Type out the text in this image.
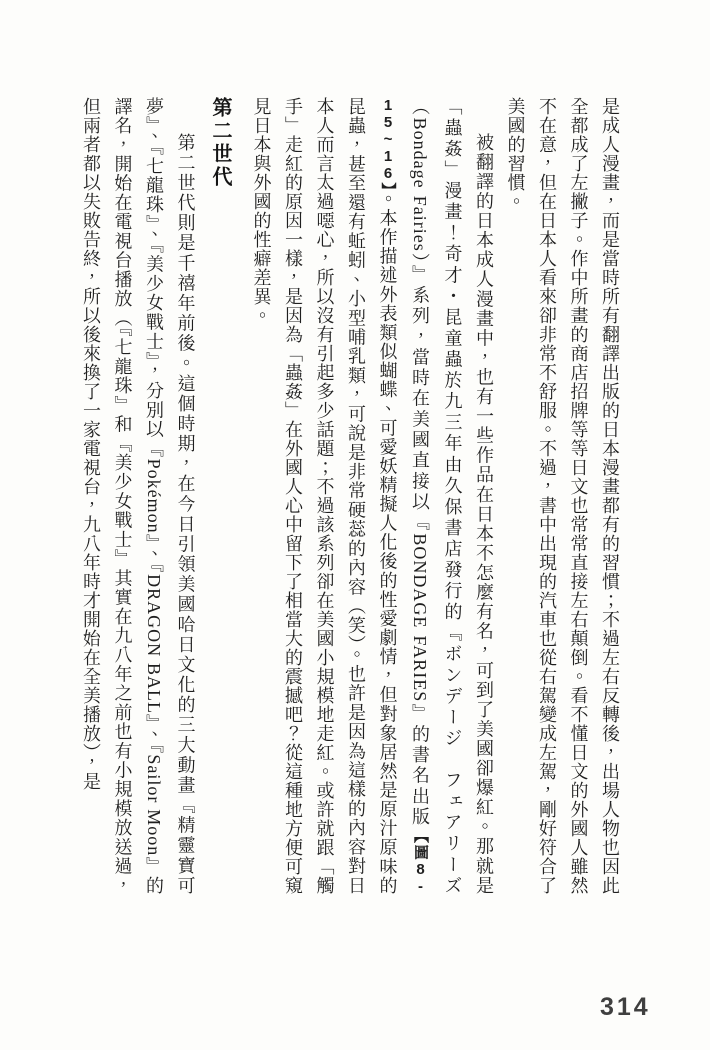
是成人漫畫，而是當時所有翻譯出版的日本漫畫都有的習慣；不過左右反轉後，出場人物也因此全都成了左撇子。作中所畫的商店招牌等等日文也常常直接左右顛倒。看不懂日文的外國人雖然不在意，但在日本人看來卻非常不舒服。不過，書中出現的汽車也從右駕變成左駕，剛好符合了美國的習慣。

被翻譯的日本成人漫畫中，也有一些作品在日本不怎麼有名，可到了美國卻爆紅。那就是「蟲姦」漫畫！奇才・昆童蟲於九三年由久保書店發行的『ボンデージ　フェアリーズ（Bondage Fairies）』系列，當時在美國直接以『BONDAGE FARIES』的書名出版【圖8-15~16】。本作描述外表類似蝴蝶、可愛妖精擬人化後的性愛劇情，但對象居然是原汁原味的昆蟲，甚至還有蚯蚓、小型哺乳類，可說是非常硬蕊的內容（笑）。也許是因為這樣的內容對日本人而言太過噁心，所以沒有引起多少話題；不過該系列卻在美國小規模地走紅。或許就跟「觸手」走紅的原因一樣，是因為「蟲姦」在外國人心中留下了相當大的震撼吧？從這種地方便可窺見日本與外國的性癖差異。

第二世代

第二世代則是千禧年前後。這個時期，在今日引領美國哈日文化的三大動畫『精靈寶可夢』、『七龍珠』、『美少女戰士』，分別以『Pokémon』、『DRAGON BALL』、『Sailor Moon』的譯名，開始在電視台播放（『七龍珠』和『美少女戰士』其實在九八年之前也有小規模放送過，但兩者都以失敗告終，所以後來換了一家電視台，九八年時才開始在全美播放），是

314
